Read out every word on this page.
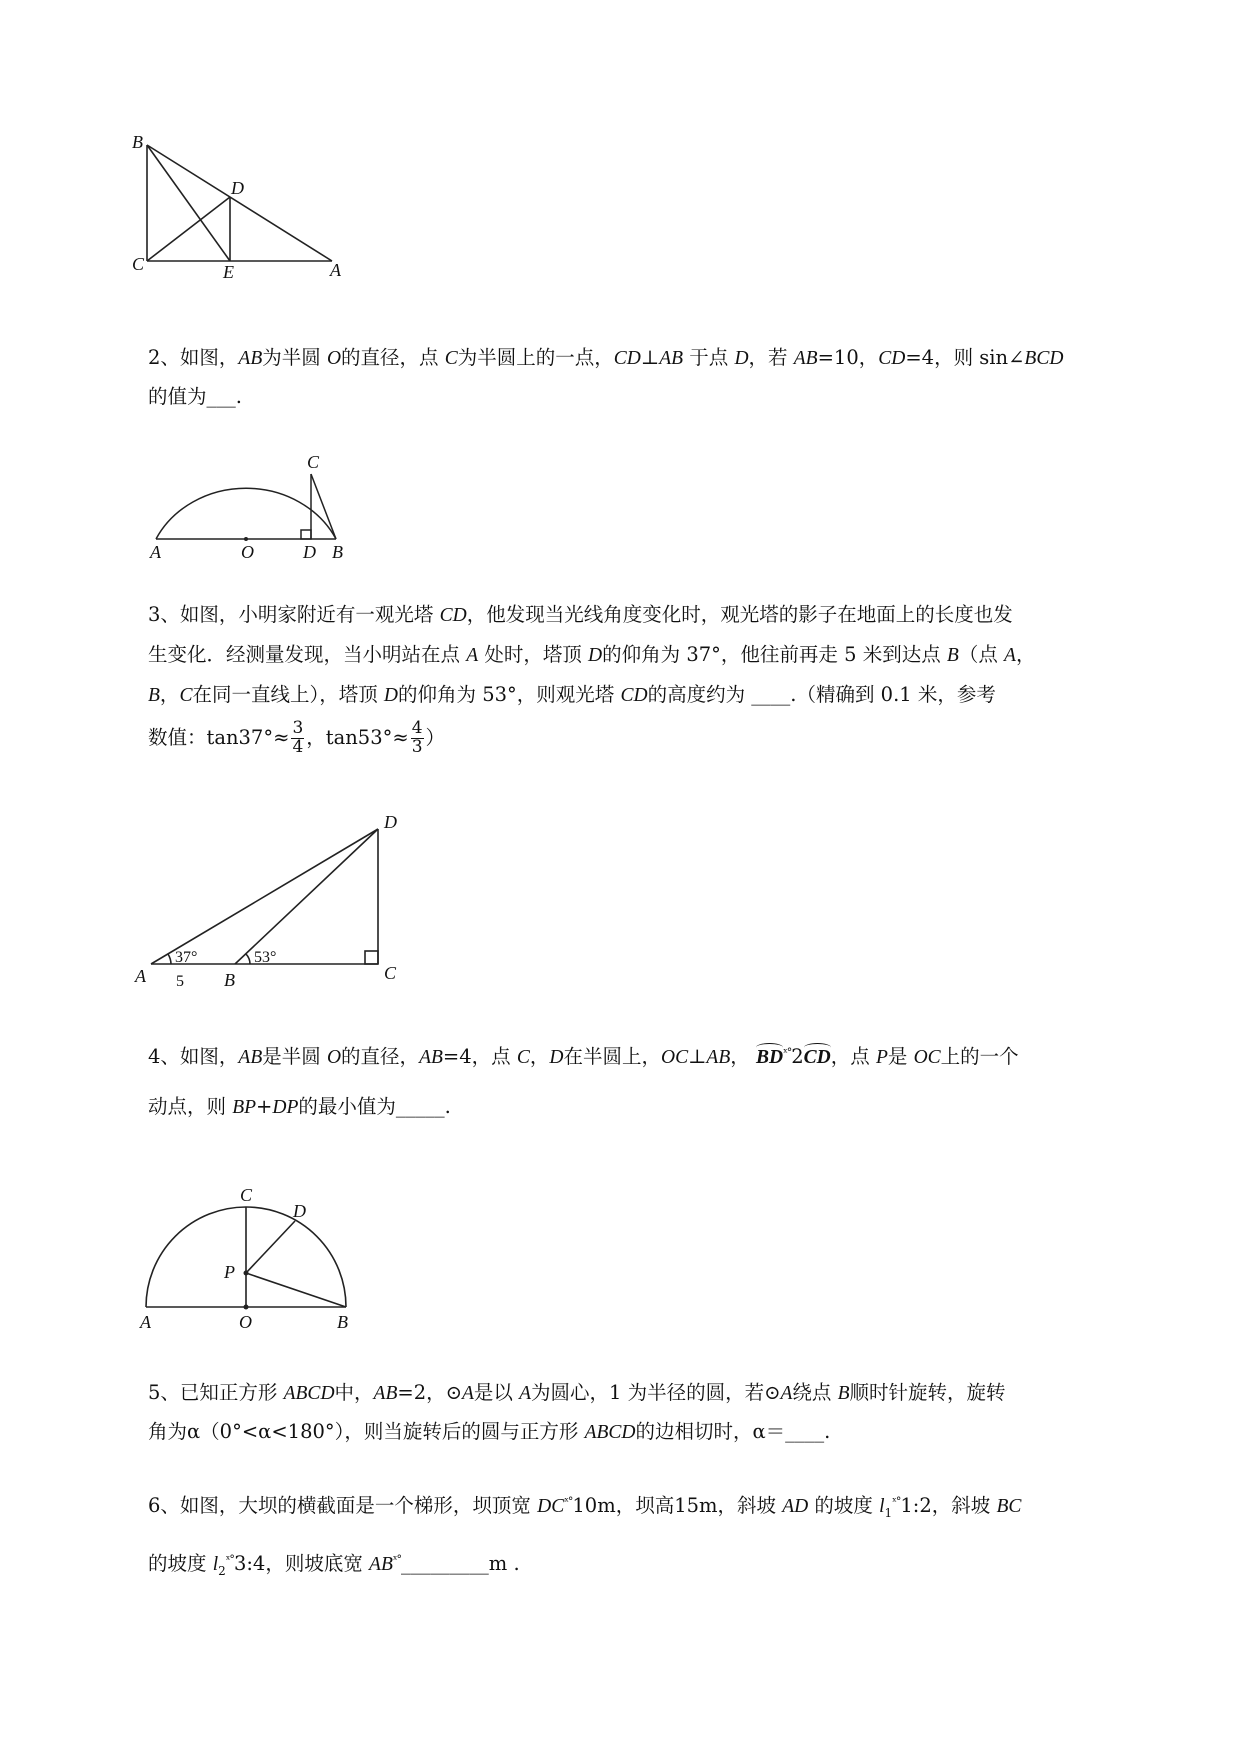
B
D
C	E	A
2、如图，AB为半圆 O的直径，点 C为半圆上的一点，CD⊥AB 于点 D，若 AB=10，CD=4，则 sin∠BCD
的值为___.
C
A	O	D B
3、如图，小明家附近有一观光塔 CD，他发现当光线角度变化时，观光塔的影子在地面上的长度也发
生变化．经测量发现，当小明站在点 A 处时，塔顶 D的仰角为 37°，他往前再走 5 米到达点 B（点 A，
B，C在同一直线上），塔顶 D的仰角为 53°，则观光塔 CD的高度约为 ____.（精确到 0.1 米，参考
数值：$\tan 37^\circ\approx \frac{3}{4}$ ，$\tan 53^\circ\approx \frac{4}{3}$ ）
D
A	B	C
37°	53°
5
4、如图，AB是半圆 O的直径，AB=4，点 C，D在半圆上，OC⊥AB， $BD^{ˣ^\circ}2CD$，点 P是 OC上的一个
动点，则 BP+DP的最小值为_____.
C
D
P
A	O	B
5、已知正方形 ABCD中，AB=2，⊙A是以 A为圆心，1 为半径的圆，若⊙A绕点 B顺时针旋转，旋转
角为α（0°<α<180°），则当旋转后的圆与正方形 ABCD的边相切时，α＝____.
6、如图，大坝的横截面是一个梯形，坝顶宽 $DC^{ˣ^\circ}10m$，坝高15m，斜坡 AD 的坡度 $l_1^{ˣ^\circ}1:2$，斜坡 BC
的坡度 $l_2^{ˣ^\circ}3:4$，则坡底宽 $AB^{ˣ^\circ}\_\_\_\_\_\_\_\_\_m$ .
